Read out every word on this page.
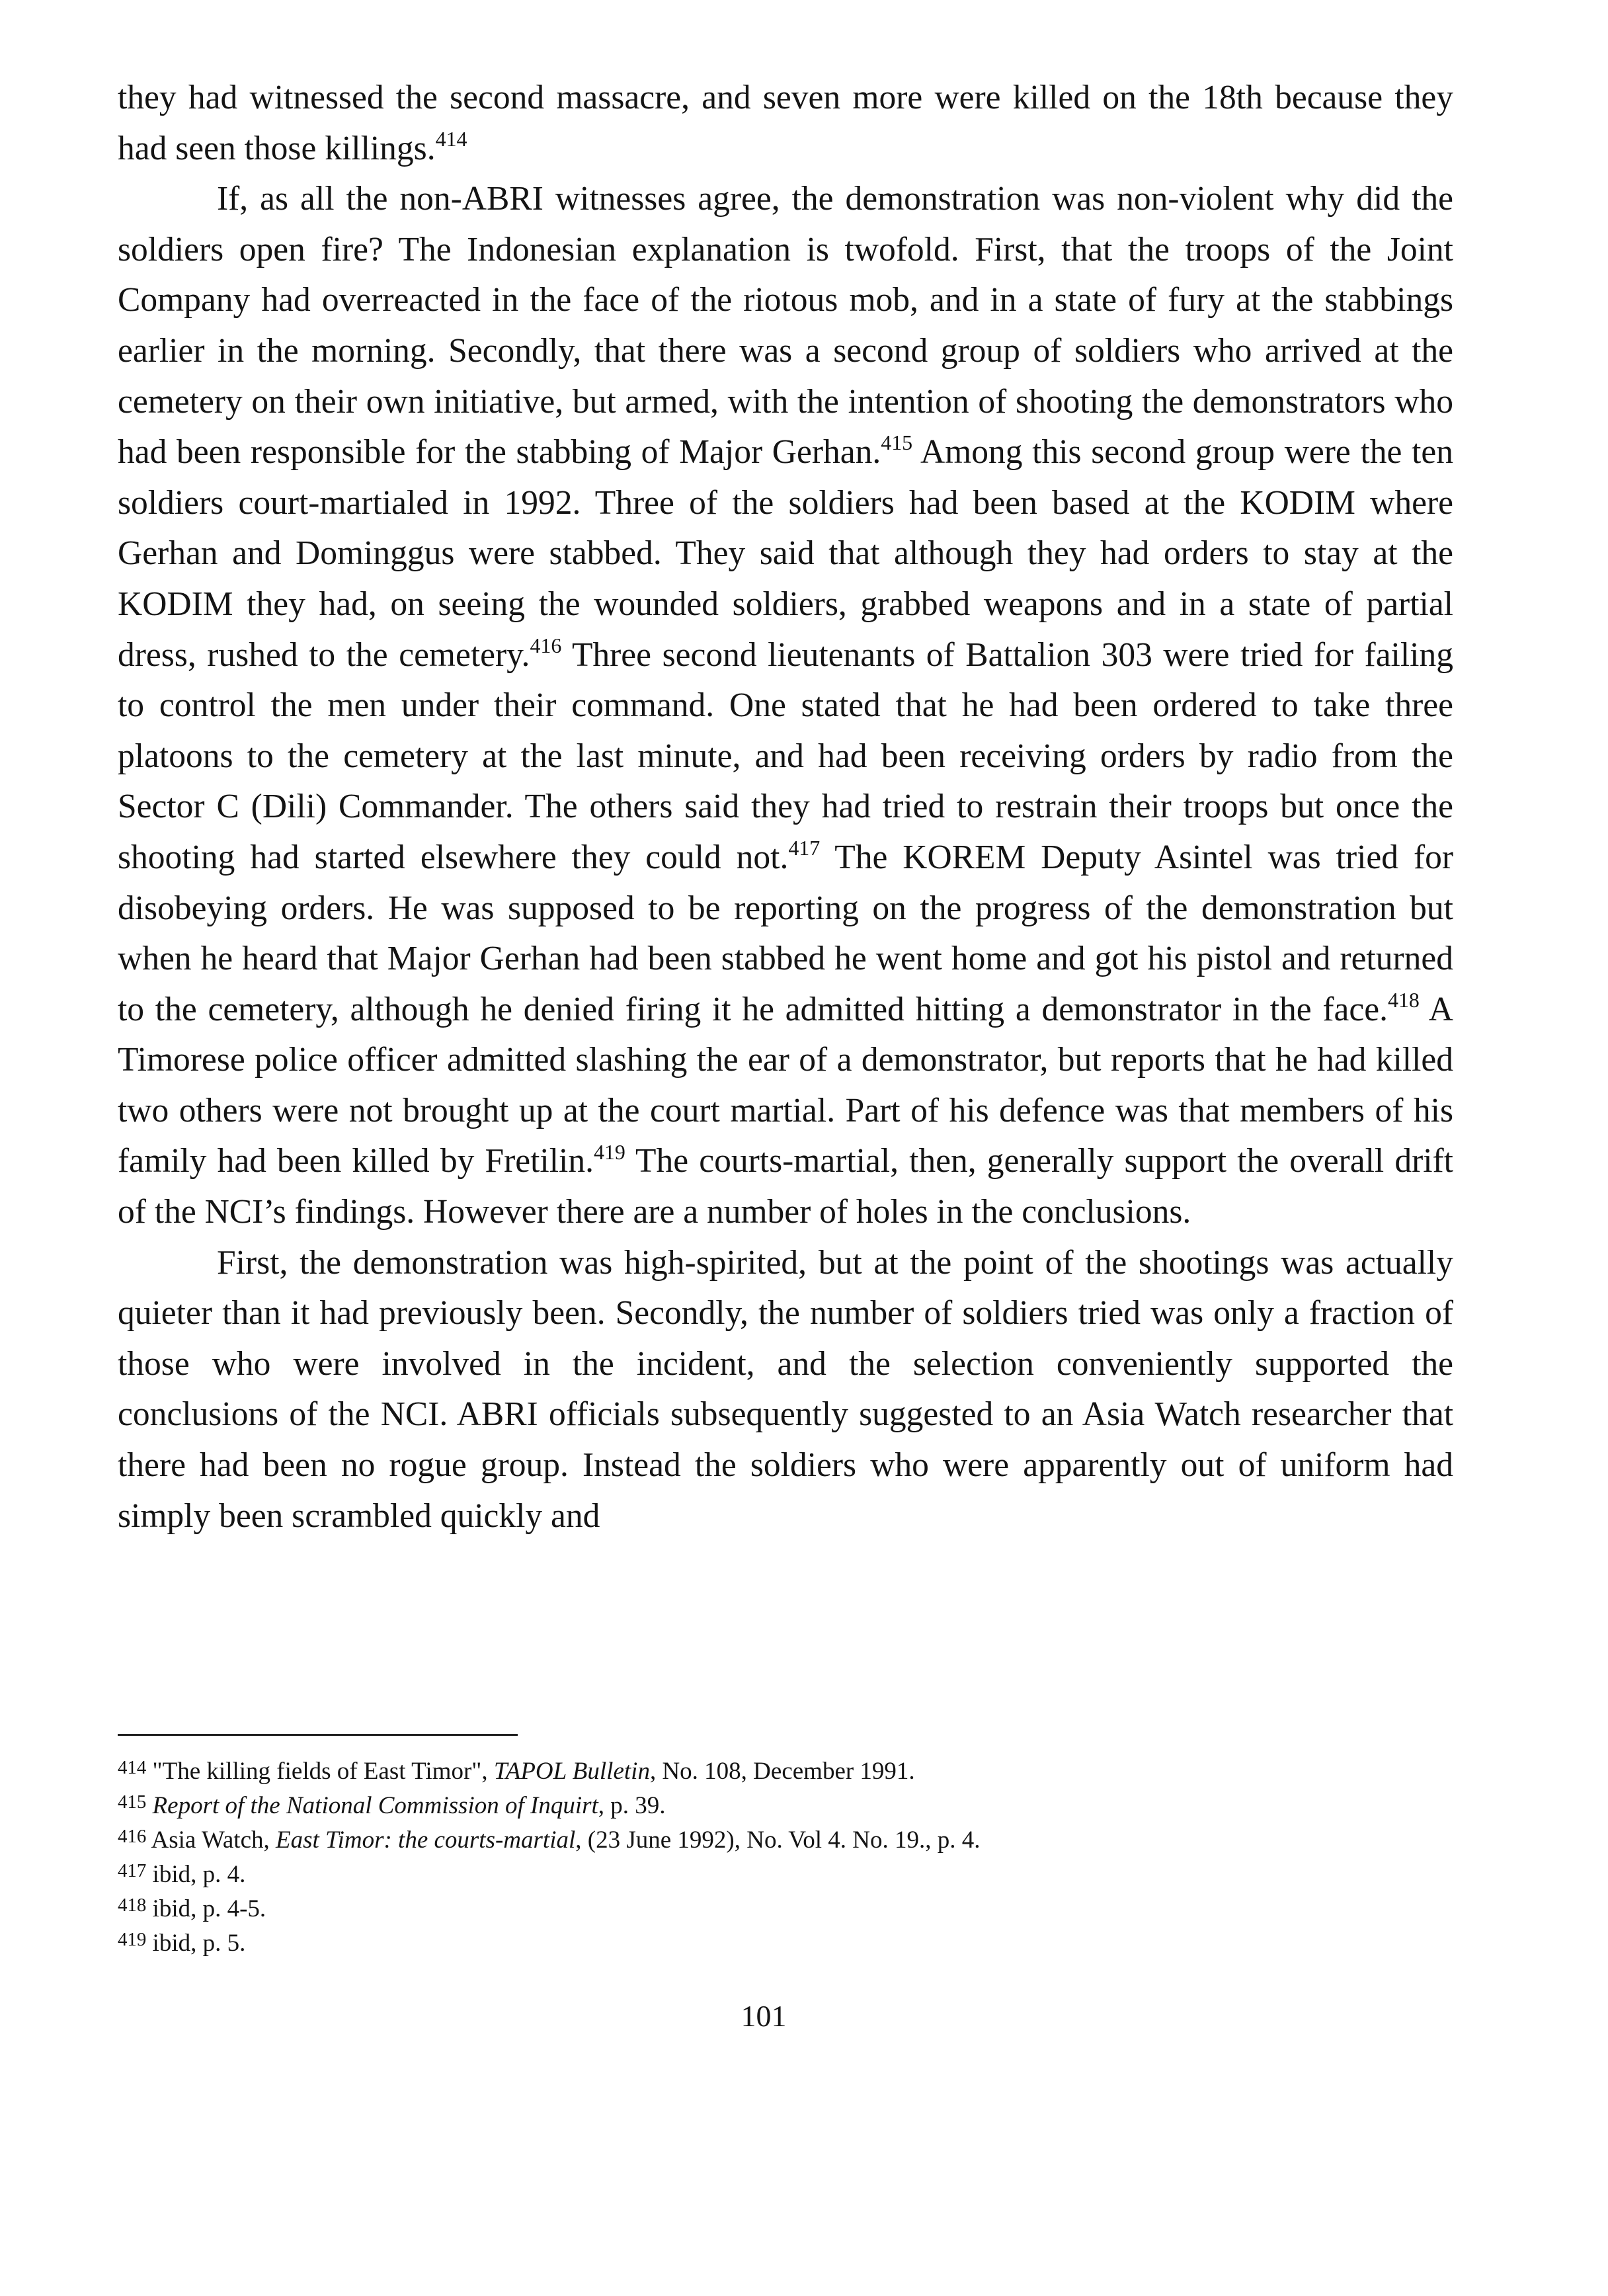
they had witnessed the second massacre, and seven more were killed on the 18th because they had seen those killings.$^{414}$

If, as all the non-ABRI witnesses agree, the demonstration was non-violent why did the soldiers open fire? The Indonesian explanation is twofold. First, that the troops of the Joint Company had overreacted in the face of the riotous mob, and in a state of fury at the stabbings earlier in the morning. Secondly, that there was a second group of soldiers who arrived at the cemetery on their own initiative, but armed, with the intention of shooting the demonstrators who had been responsible for the stabbing of Major Gerhan.$^{415}$ Among this second group were the ten soldiers court-martialed in 1992. Three of the soldiers had been based at the KODIM where Gerhan and Dominggus were stabbed. They said that although they had orders to stay at the KODIM they had, on seeing the wounded soldiers, grabbed weapons and in a state of partial dress, rushed to the cemetery.$^{416}$ Three second lieutenants of Battalion 303 were tried for failing to control the men under their command. One stated that he had been ordered to take three platoons to the cemetery at the last minute, and had been receiving orders by radio from the Sector C (Dili) Commander. The others said they had tried to restrain their troops but once the shooting had started elsewhere they could not.$^{417}$ The KOREM Deputy Asintel was tried for disobeying orders. He was supposed to be reporting on the progress of the demonstration but when he heard that Major Gerhan had been stabbed he went home and got his pistol and returned to the cemetery, although he denied firing it he admitted hitting a demonstrator in the face.$^{418}$ A Timorese police officer admitted slashing the ear of a demonstrator, but reports that he had killed two others were not brought up at the court martial. Part of his defence was that members of his family had been killed by Fretilin.$^{419}$ The courts-martial, then, generally support the overall drift of the NCI’s findings. However there are a number of holes in the conclusions.

First, the demonstration was high-spirited, but at the point of the shootings was actually quieter than it had previously been. Secondly, the number of soldiers tried was only a fraction of those who were involved in the incident, and the selection conveniently supported the conclusions of the NCI. ABRI officials subsequently suggested to an Asia Watch researcher that there had been no rogue group. Instead the soldiers who were apparently out of uniform had simply been scrambled quickly and

$^{414}$ "The killing fields of East Timor", TAPOL Bulletin, No. 108, December 1991.
$^{415}$ Report of the National Commission of Inquirt, p. 39.
$^{416}$ Asia Watch, East Timor: the courts-martial, (23 June 1992), No. Vol 4. No. 19., p. 4.
$^{417}$ ibid, p. 4.
$^{418}$ ibid, p. 4-5.
$^{419}$ ibid, p. 5.
101
